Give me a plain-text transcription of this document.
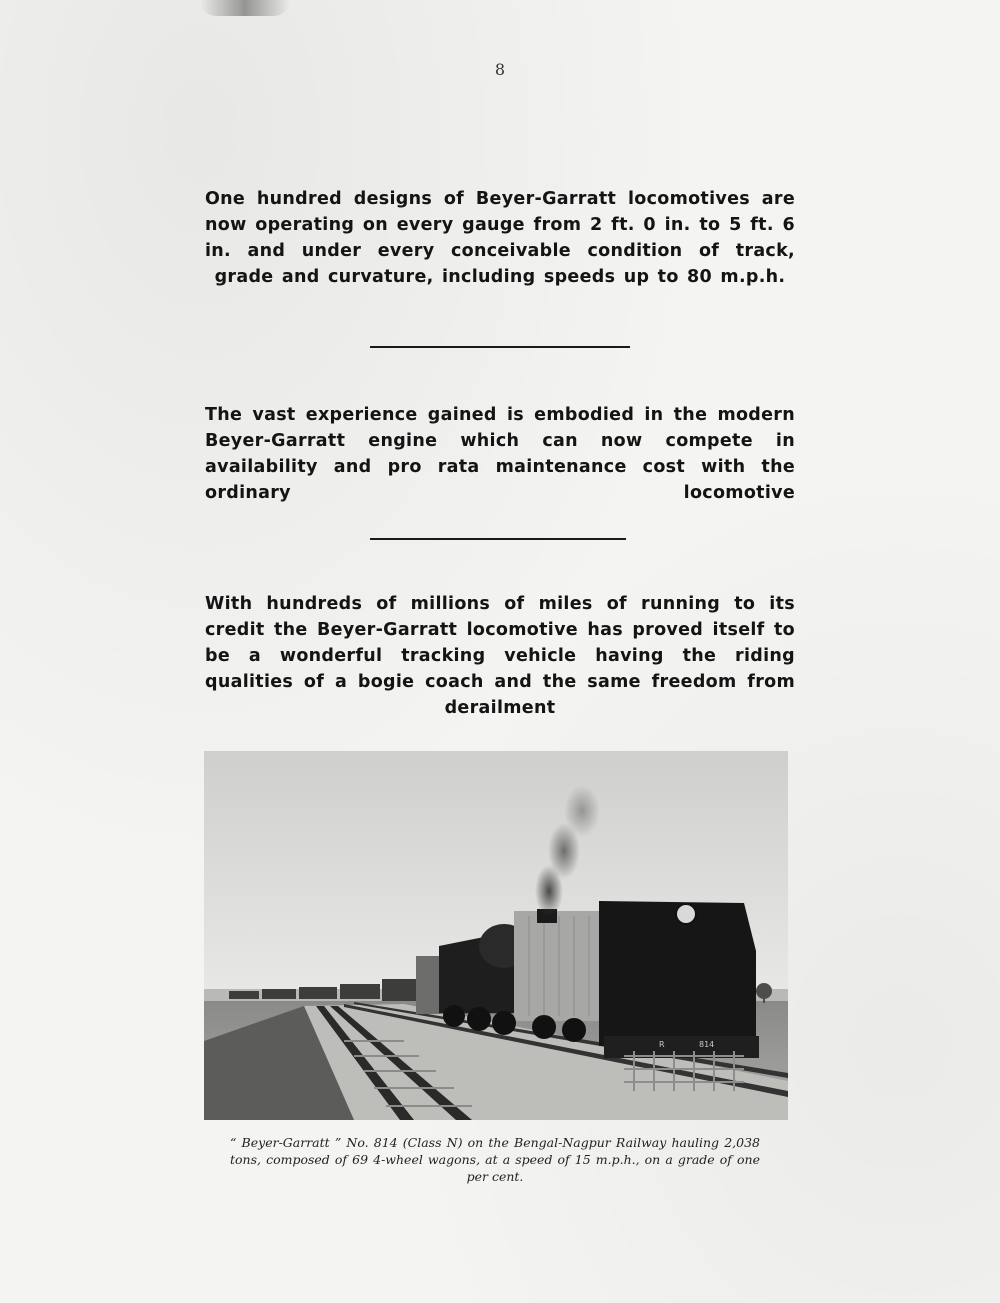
8

One hundred designs of Beyer-Garratt locomotives are now operating on every gauge from 2 ft. 0 in. to 5 ft. 6 in. and under every conceivable condition of track, grade and curvature, including speeds up to 80 m.p.h.

The vast experience gained is embodied in the modern Beyer-Garratt engine which can now compete in availability and pro rata maintenance cost with the ordinary locomotive

With hundreds of millions of miles of running to its credit the Beyer-Garratt locomotive has proved itself to be a wonderful tracking vehicle having the riding qualities of a bogie coach and the same freedom from derailment

R	814

“ Beyer-Garratt ” No. 814 (Class N) on the Bengal-Nagpur Railway hauling 2,038 tons, composed of 69 4-wheel wagons, at a speed of 15 m.p.h., on a grade of one per cent.
